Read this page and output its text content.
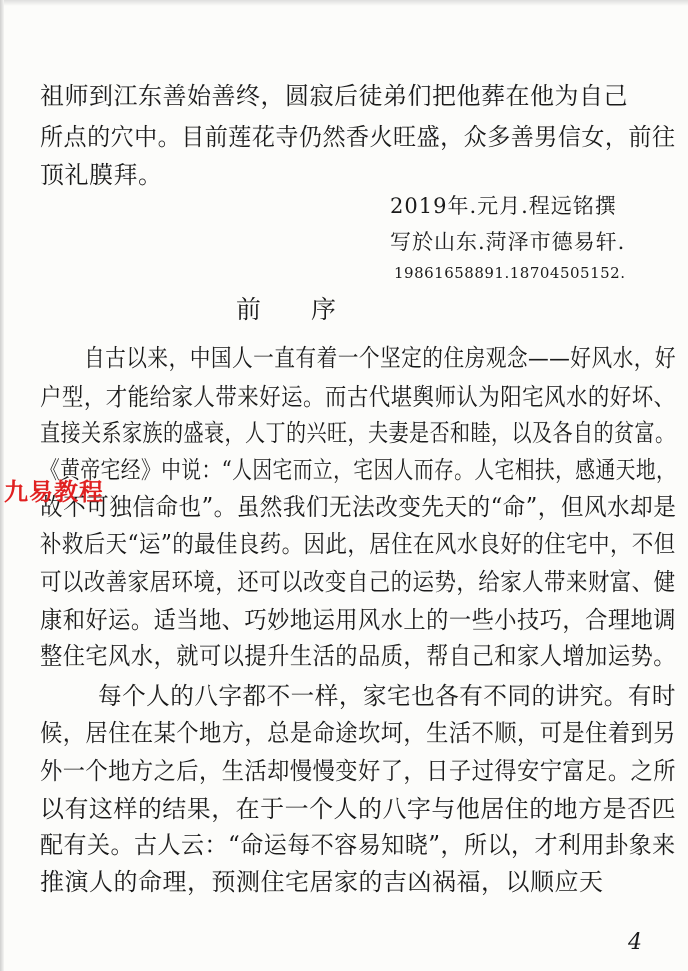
祖师到江东善始善终，圆寂后徒弟们把他葬在他为自己
所点的穴中。目前莲花寺仍然香火旺盛，众多善男信女，前往
顶礼膜拜。
2019年.元月.程远铭撰
写於山东.菏泽市德易轩.
19861658891.18704505152.
前　　序
自古以来，中国人一直有着一个坚定的住房观念——好风水，好
户型，才能给家人带来好运。而古代堪舆师认为阳宅风水的好坏、
直接关系家族的盛衰，人丁的兴旺，夫妻是否和睦，以及各自的贫富。
《黄帝宅经》中说：“人因宅而立，宅因人而存。人宅相扶，感通天地，
故不可独信命也”。虽然我们无法改变先天的“命”，但风水却是
补救后天“运”的最佳良药。因此，居住在风水良好的住宅中，不但
可以改善家居环境，还可以改变自己的运势，给家人带来财富、健
康和好运。适当地、巧妙地运用风水上的一些小技巧，合理地调
整住宅风水，就可以提升生活的品质，帮自己和家人增加运势。
每个人的八字都不一样，家宅也各有不同的讲究。有时
候，居住在某个地方，总是命途坎坷，生活不顺，可是住着到另
外一个地方之后，生活却慢慢变好了，日子过得安宁富足。之所
以有这样的结果，在于一个人的八字与他居住的地方是否匹
配有关。古人云：“命运每不容易知晓”，所以，才利用卦象来
推演人的命理，预测住宅居家的吉凶祸福，以顺应天
九易教程
4
